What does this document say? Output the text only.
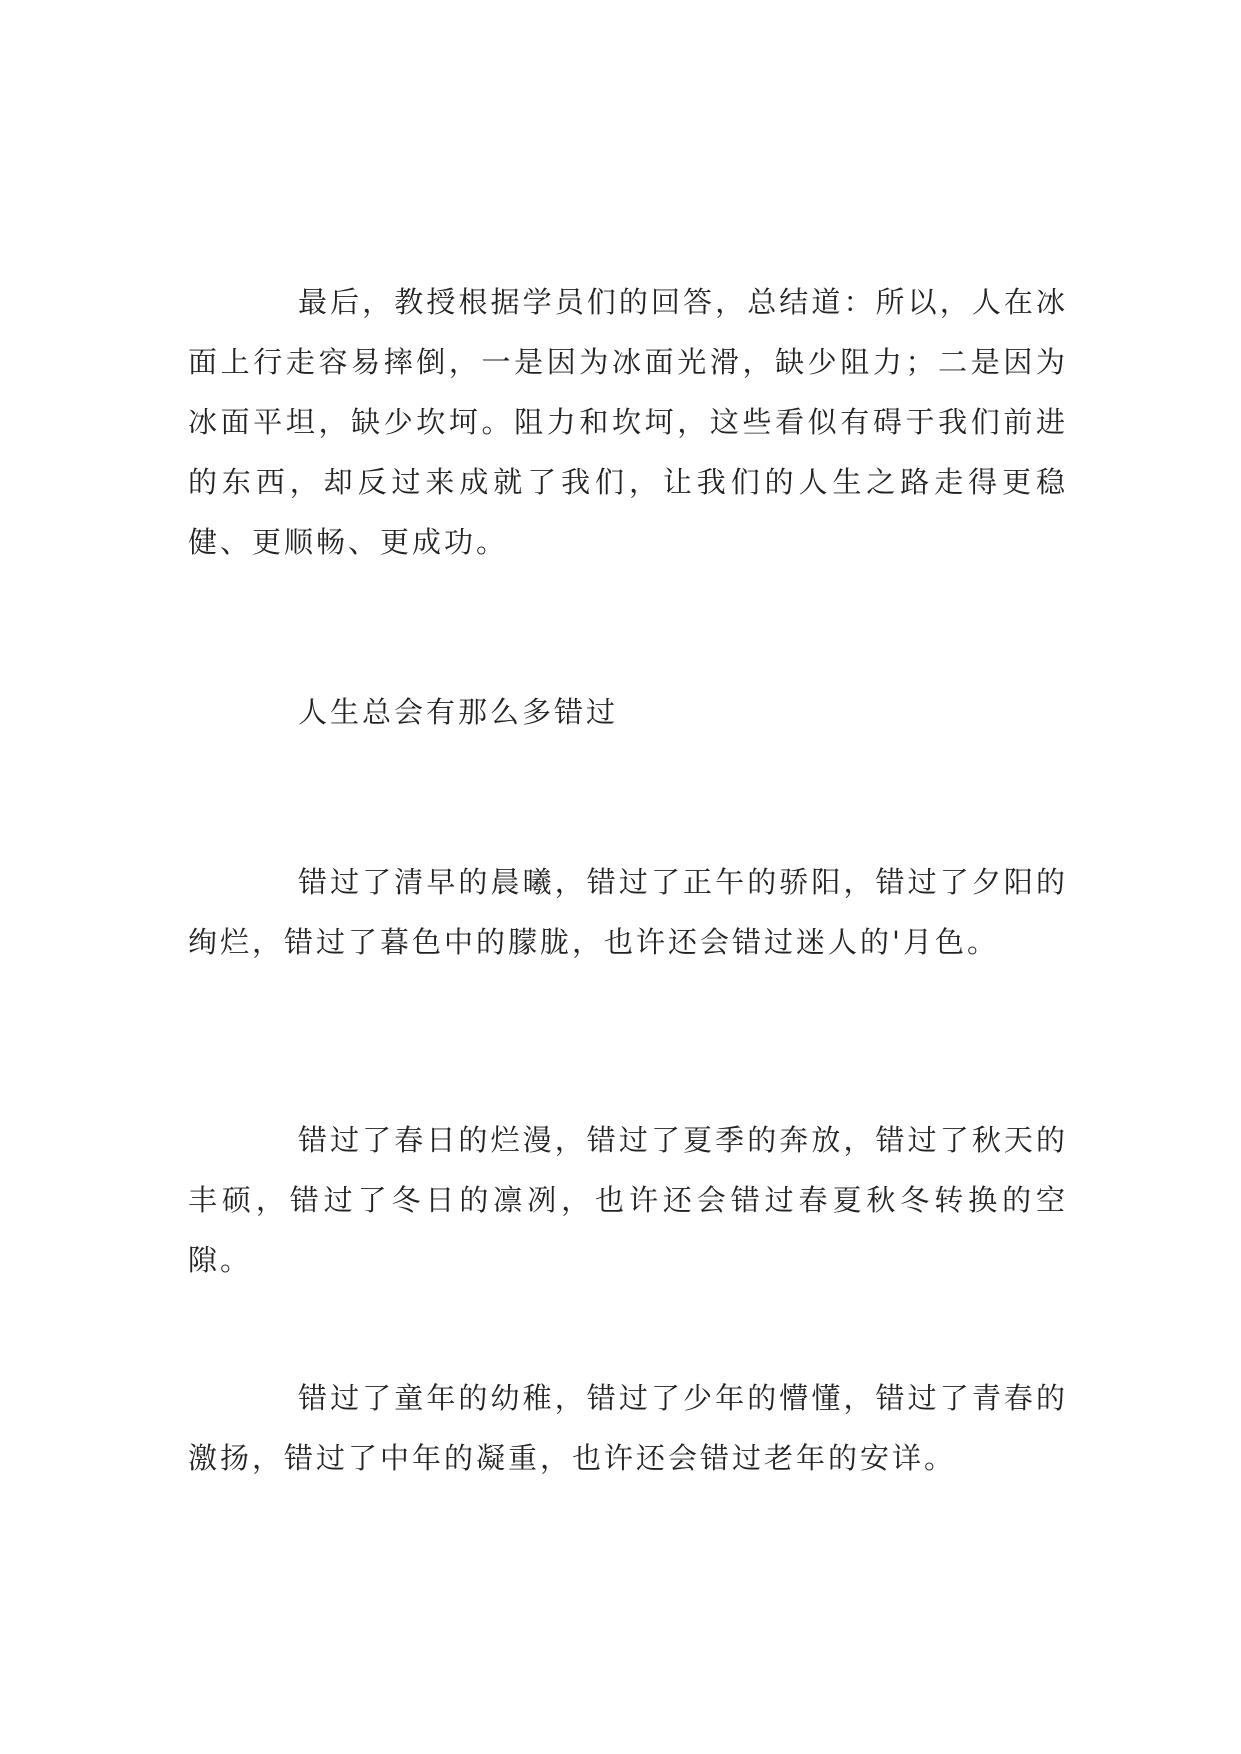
最后，教授根据学员们的回答，总结道：所以，人在冰面上行走容易摔倒，一是因为冰面光滑，缺少阻力；二是因为冰面平坦，缺少坎坷。阻力和坎坷，这些看似有碍于我们前进的东西，却反过来成就了我们，让我们的人生之路走得更稳健、更顺畅、更成功。

人生总会有那么多错过

错过了清早的晨曦，错过了正午的骄阳，错过了夕阳的绚烂，错过了暮色中的朦胧，也许还会错过迷人的'月色。

错过了春日的烂漫，错过了夏季的奔放，错过了秋天的丰硕，错过了冬日的凛冽，也许还会错过春夏秋冬转换的空隙。

错过了童年的幼稚，错过了少年的懵懂，错过了青春的激扬，错过了中年的凝重，也许还会错过老年的安详。
